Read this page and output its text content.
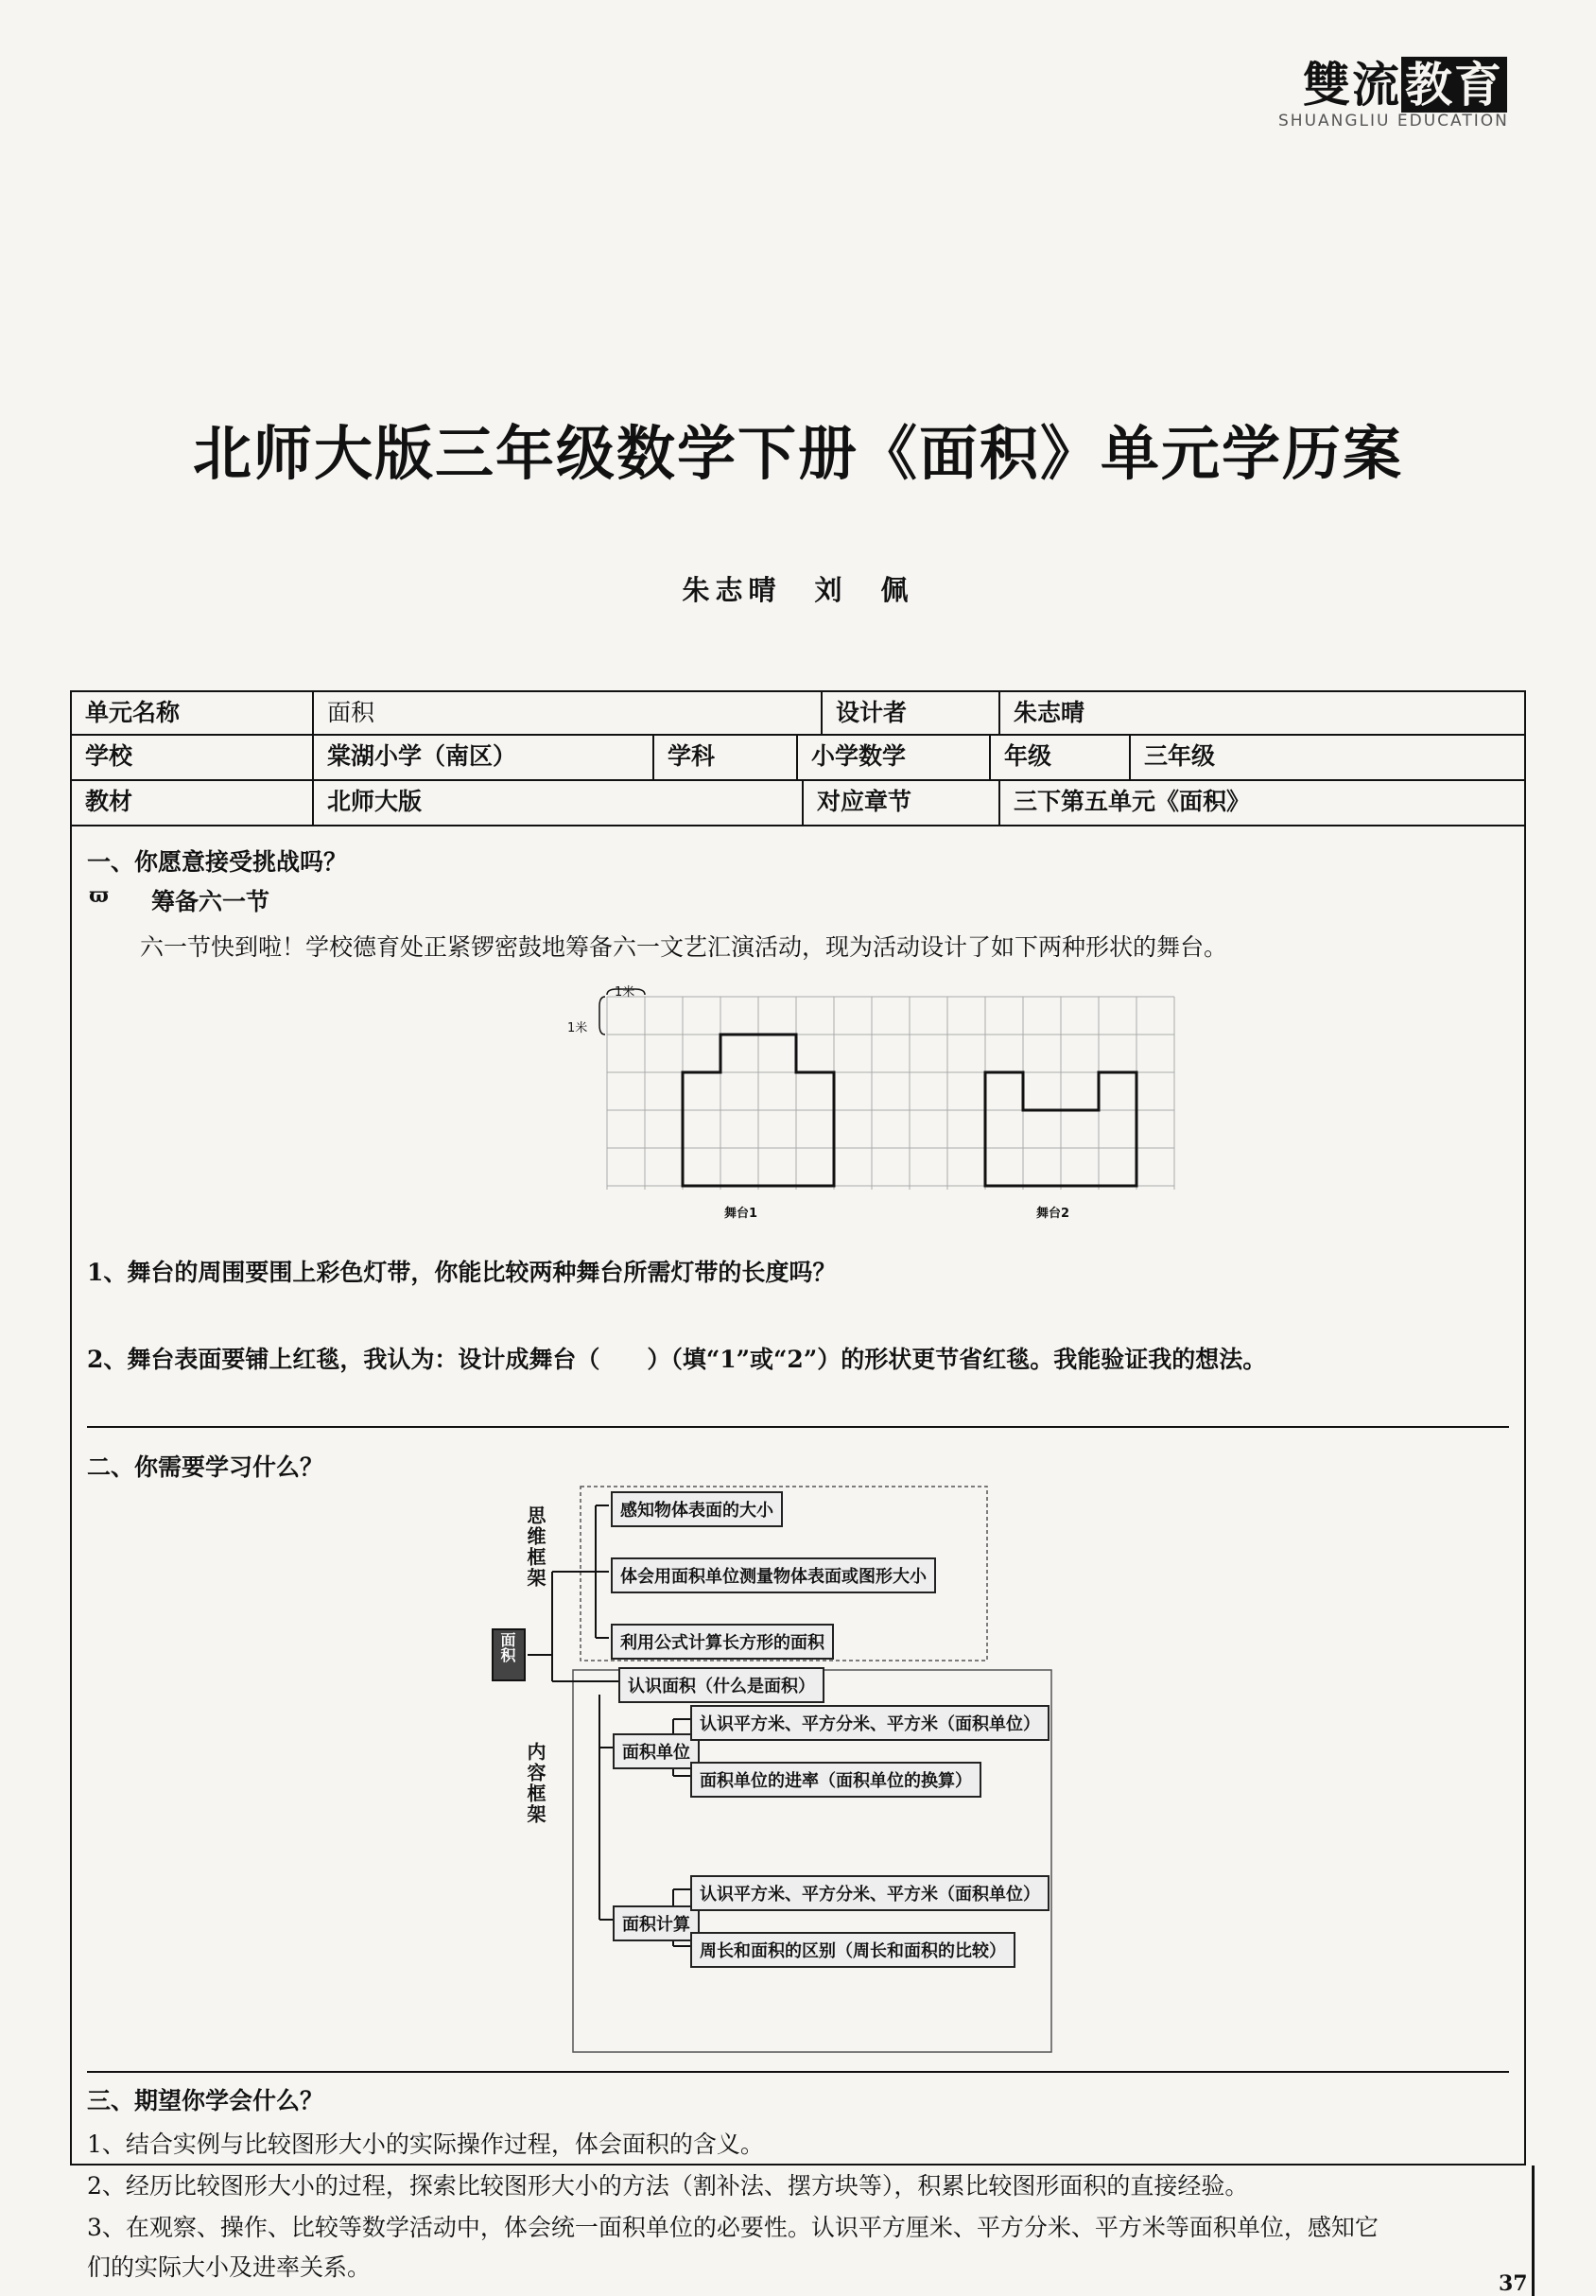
雙流教育
SHUANGLIU EDUCATION
北师大版三年级数学下册《面积》单元学历案
朱志晴　刘　佩
单元名称	面积	设计者	朱志晴
学校	棠湖小学（南区）	学科	小学数学	年级	三年级
教材	北师大版	对应章节	三下第五单元《面积》
一、你愿意接受挑战吗？
ϖ 筹备六一节
六一节快到啦！学校德育处正紧锣密鼓地筹备六一文艺汇演活动，现为活动设计了如下两种形状的舞台。
1米
1米
舞台1	舞台2
1、舞台的周围要围上彩色灯带，你能比较两种舞台所需灯带的长度吗？
2、舞台表面要铺上红毯，我认为：设计成舞台（　　）（填“1”或“2”）的形状更节省红毯。我能验证我的想法。
二、你需要学习什么？
思维框架
内容框架
面积
感知物体表面的大小
体会用面积单位测量物体表面或图形大小
利用公式计算长方形的面积
认识面积（什么是面积）
面积单位
认识平方米、平方分米、平方米（面积单位）
面积单位的进率（面积单位的换算）
面积计算
认识平方米、平方分米、平方米（面积单位）
周长和面积的区别（周长和面积的比较）
三、期望你学会什么？
1、结合实例与比较图形大小的实际操作过程，体会面积的含义。
2、经历比较图形大小的过程，探索比较图形大小的方法（割补法、摆方块等），积累比较图形面积的直接经验。
3、在观察、操作、比较等数学活动中，体会统一面积单位的必要性。认识平方厘米、平方分米、平方米等面积单位，感知它
们的实际大小及进率关系。
37
